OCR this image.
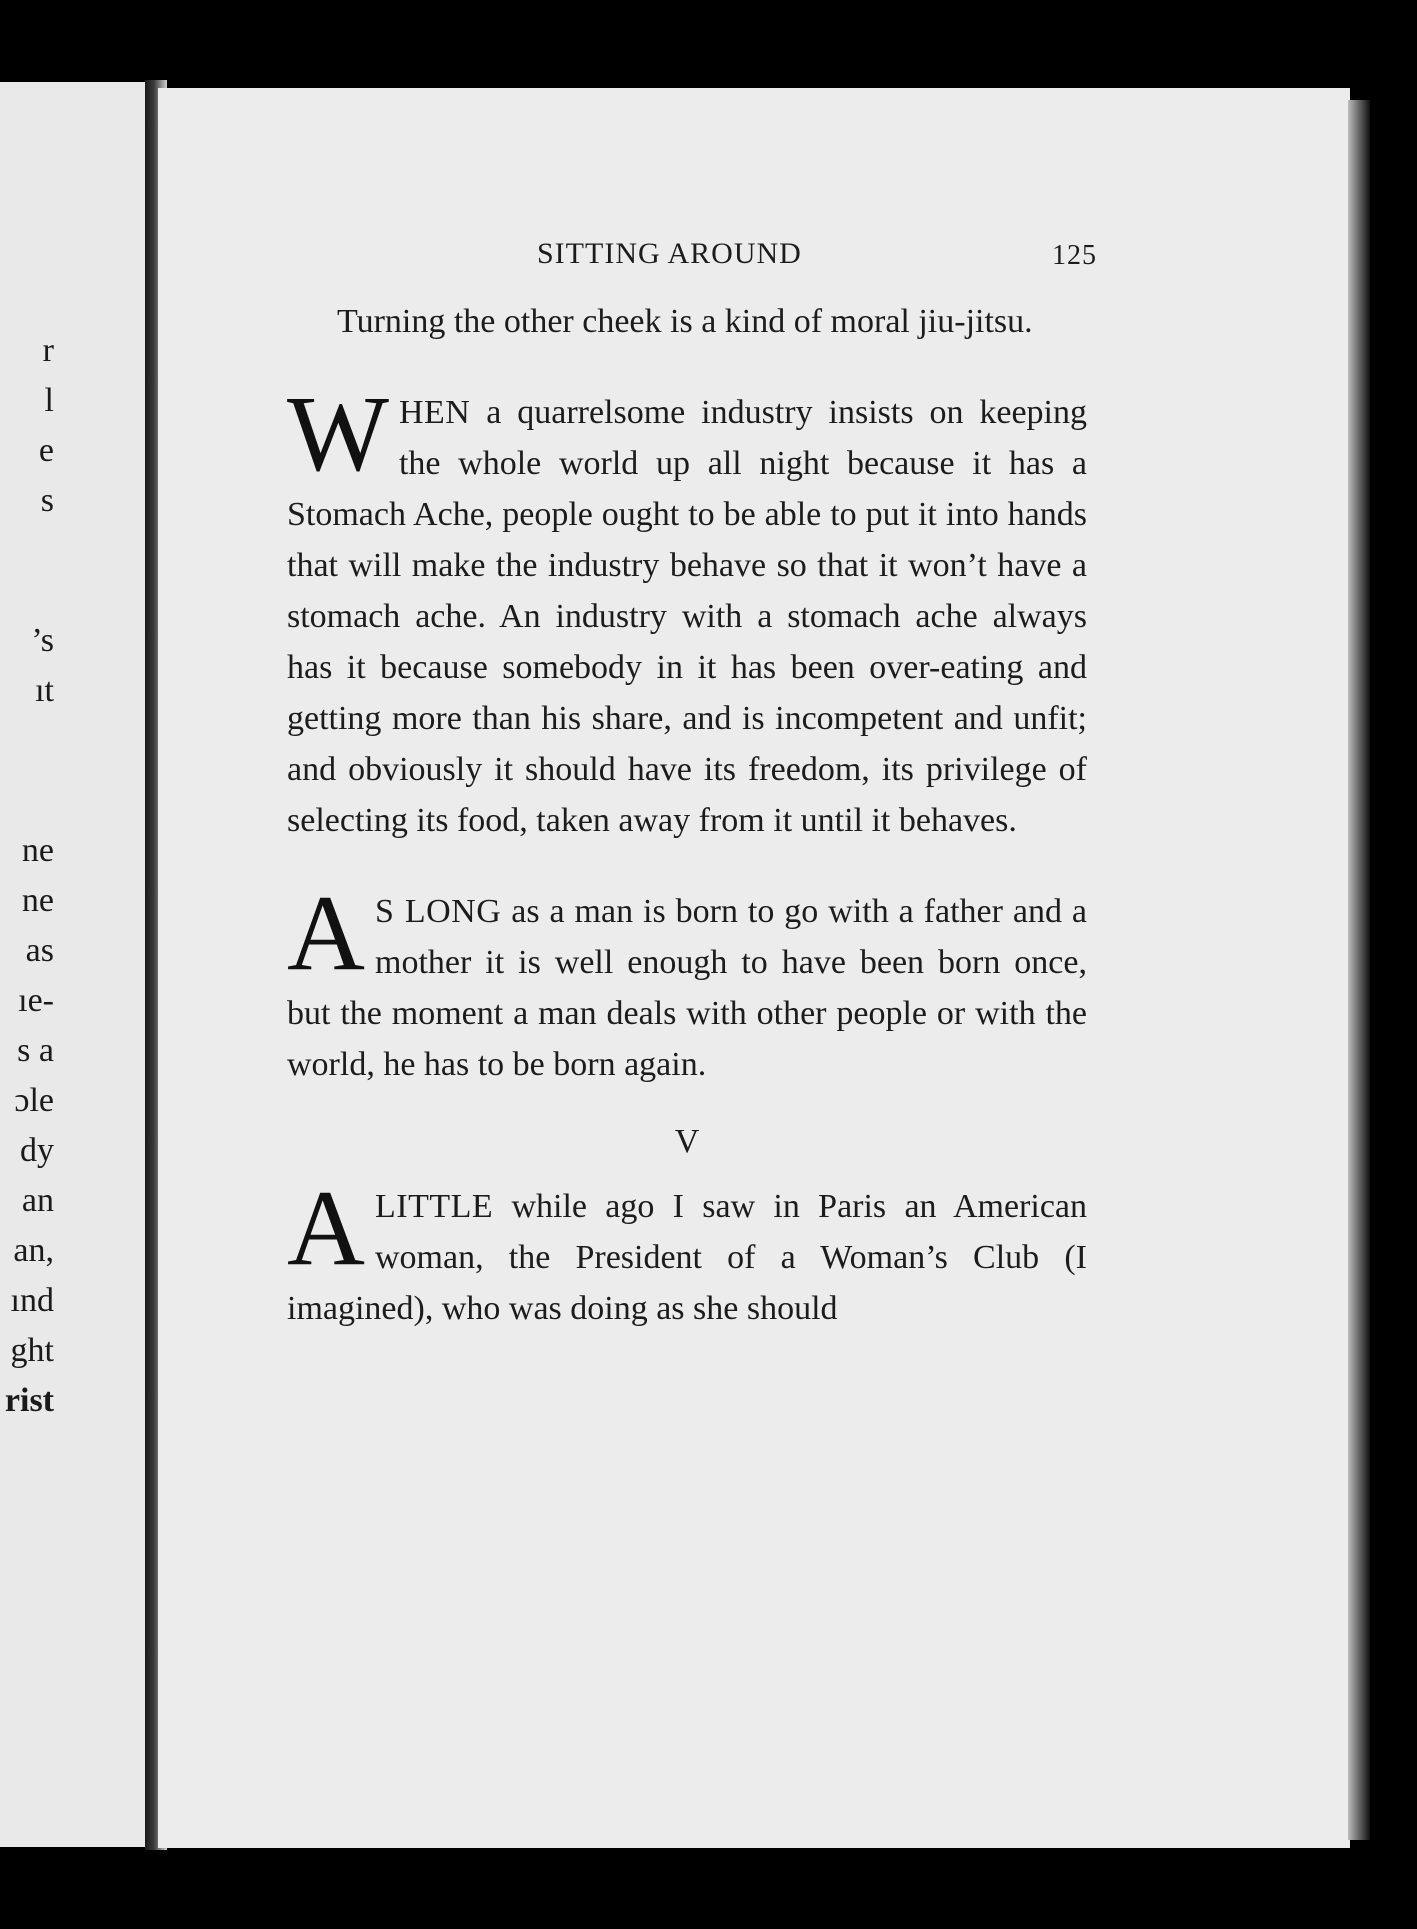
r
l
e
s
’s
ıt
ne
ne
as
ıe-
s a
ɔle
dy
an
an,
ınd
ght
rist
SITTING AROUND	125

Turning the other cheek is a kind of moral jiu-jitsu.

WHEN a quarrelsome industry insists on keeping the whole world up all night because it has a Stomach Ache, people ought to be able to put it into hands that will make the industry behave so that it won’t have a stomach ache. An industry with a stomach ache always has it because somebody in it has been over-eating and getting more than his share, and is incompetent and unfit; and obviously it should have its freedom, its privilege of selecting its food, taken away from it until it behaves.

A S LONG as a man is born to go with a father and a mother it is well enough to have been born once, but the moment a man deals with other people or with the world, he has to be born again.

V

ALITTLE while ago I saw in Paris an American woman, the President of a Woman’s Club (I imagined), who was doing as she should
